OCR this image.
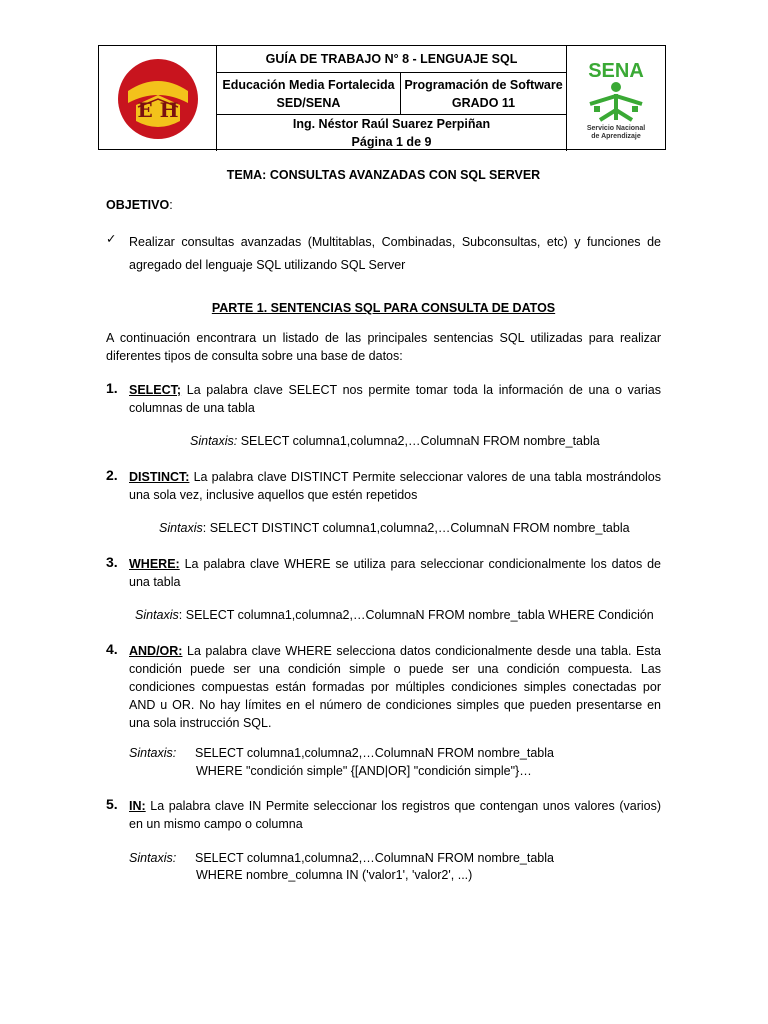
E H
GUÍA DE TRABAJO N° 8 - LENGUAJE SQL
Educación Media Fortalecida
SED/SENA
Programación de Software
GRADO 11
Ing. Néstor Raúl Suarez Perpiñan
Página 1 de 9
SENA
Servicio Nacional
de Aprendizaje
TEMA: CONSULTAS AVANZADAS CON SQL SERVER
OBJETIVO:
✓ Realizar consultas avanzadas (Multitablas, Combinadas, Subconsultas, etc) y funciones de agregado del lenguaje SQL utilizando SQL Server
PARTE 1. SENTENCIAS SQL PARA CONSULTA DE DATOS
A continuación encontrara un listado de las principales sentencias SQL utilizadas para realizar diferentes tipos de consulta sobre una base de datos:
1. SELECT; La palabra clave SELECT nos permite tomar toda la información de una o varias columnas de una tabla
Sintaxis: SELECT columna1,columna2,…ColumnaN FROM nombre_tabla
2. DISTINCT: La palabra clave DISTINCT Permite seleccionar valores de una tabla mostrándolos una sola vez, inclusive aquellos que estén repetidos
Sintaxis: SELECT DISTINCT columna1,columna2,…ColumnaN FROM nombre_tabla
3. WHERE: La palabra clave WHERE se utiliza para seleccionar condicionalmente los datos de una tabla
Sintaxis: SELECT columna1,columna2,…ColumnaN FROM nombre_tabla WHERE Condición
4. AND/OR: La palabra clave WHERE selecciona datos condicionalmente desde una tabla. Esta condición puede ser una condición simple o puede ser una condición compuesta. Las condiciones compuestas están formadas por múltiples condiciones simples conectadas por AND u OR. No hay límites en el número de condiciones simples que pueden presentarse en una sola instrucción SQL.
Sintaxis: SELECT columna1,columna2,…ColumnaN FROM nombre_tabla
WHERE "condición simple" {[AND|OR] "condición simple"}…
5. IN: La palabra clave IN Permite seleccionar los registros que contengan unos valores (varios) en un mismo campo o columna
Sintaxis: SELECT columna1,columna2,…ColumnaN FROM nombre_tabla
WHERE nombre_columna IN ('valor1', 'valor2', ...)
